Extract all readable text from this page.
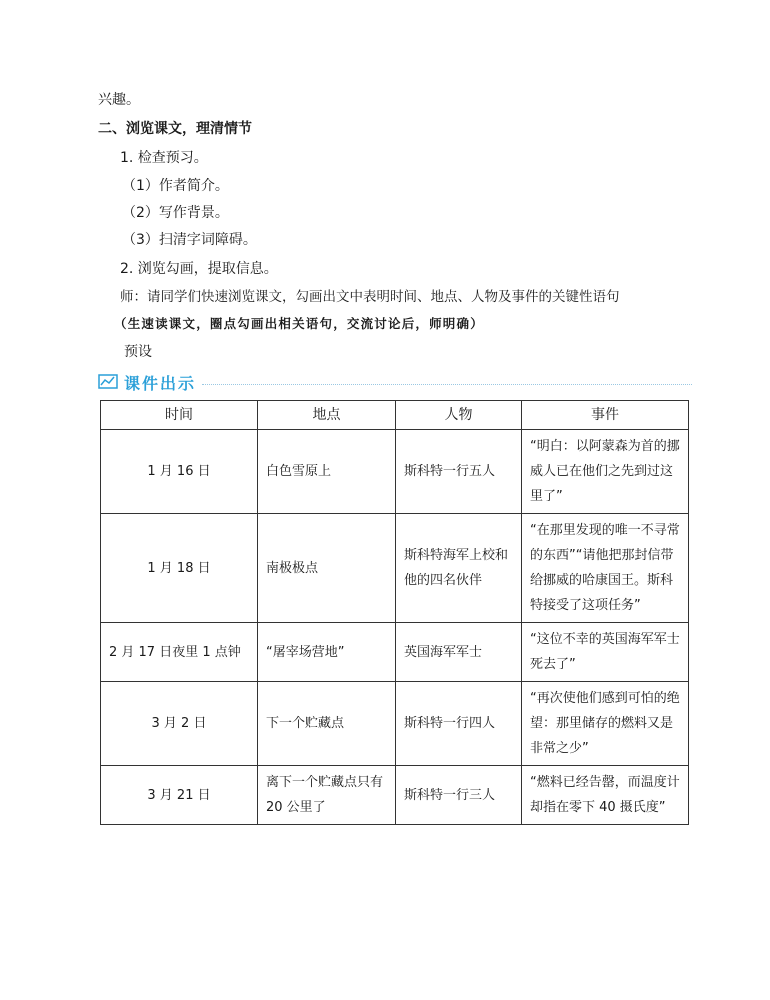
兴趣。
二、浏览课文，理清情节
1. 检查预习。
（1）作者简介。
（2）写作背景。
（3）扫清字词障碍。
2. 浏览勾画，提取信息。
师：请同学们快速浏览课文，勾画出文中表明时间、地点、人物及事件的关键性语句
（生速读课文，圈点勾画出相关语句，交流讨论后，师明确）
预设
课件出示
时间	地点	人物	事件
1 月 16 日	白色雪原上	斯科特一行五人	“明白：以阿蒙森为首的挪威人已在他们之先到过这里了”
1 月 18 日	南极极点	斯科特海军上校和他的四名伙伴	“在那里发现的唯一不寻常的东西”“请他把那封信带给挪威的哈康国王。斯科特接受了这项任务”
2 月 17 日夜里 1 点钟	“屠宰场营地”	英国海军军士	“这位不幸的英国海军军士死去了”
3 月 2 日	下一个贮藏点	斯科特一行四人	“再次使他们感到可怕的绝望：那里储存的燃料又是非常之少”
3 月 21 日	离下一个贮藏点只有 20 公里了	斯科特一行三人	“燃料已经告罄，而温度计却指在零下 40 摄氏度”
